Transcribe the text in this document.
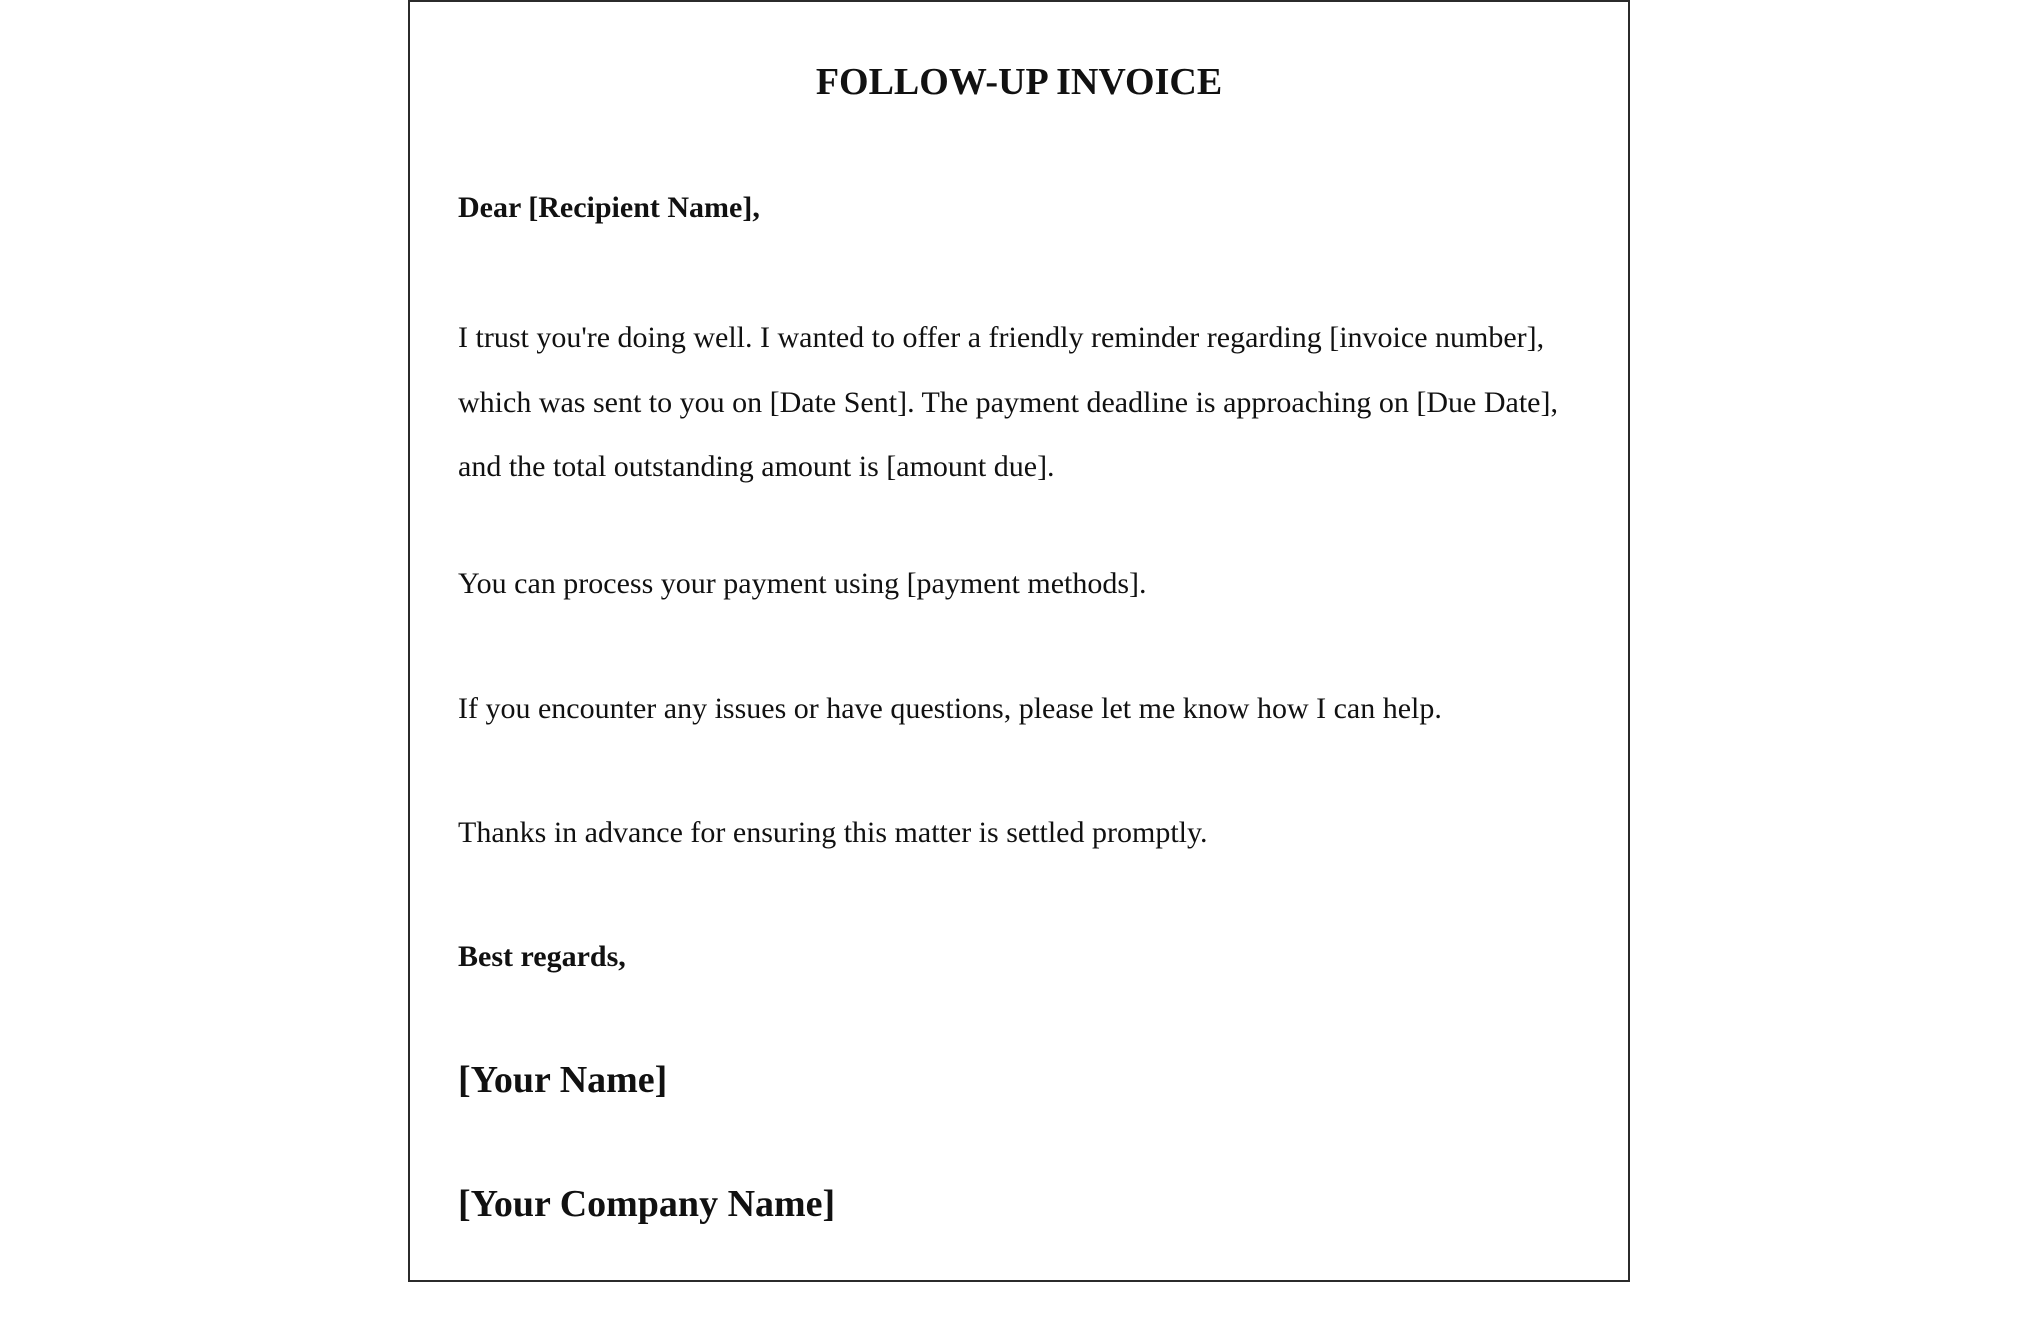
FOLLOW-UP INVOICE

Dear [Recipient Name],

I trust you're doing well. I wanted to offer a friendly reminder regarding [invoice number], which was sent to you on [Date Sent]. The payment deadline is approaching on [Due Date], and the total outstanding amount is [amount due].

You can process your payment using [payment methods].

If you encounter any issues or have questions, please let me know how I can help.

Thanks in advance for ensuring this matter is settled promptly.

Best regards,

[Your Name]

[Your Company Name]
